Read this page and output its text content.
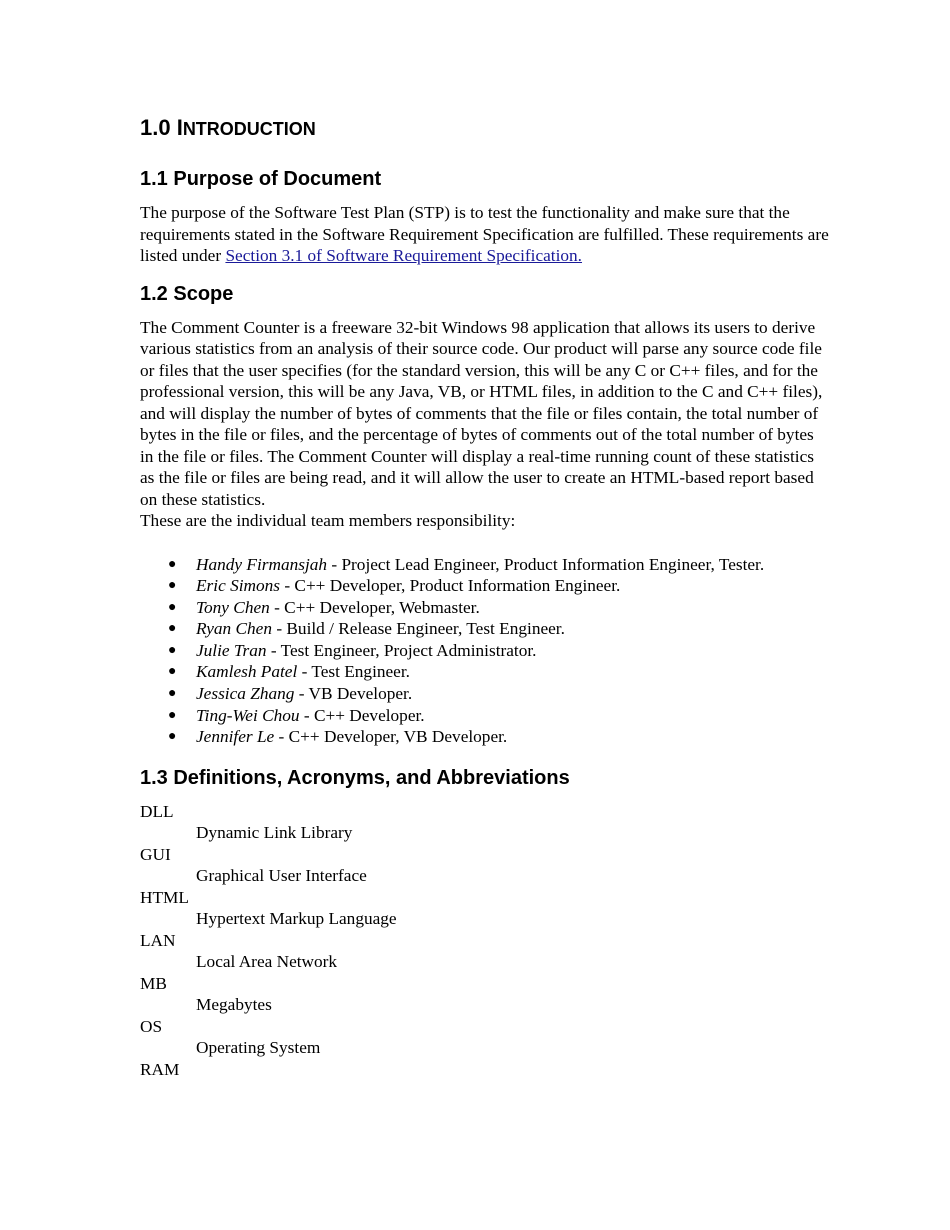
1.0 INTRODUCTION
1.1 Purpose of Document

The purpose of the Software Test Plan (STP) is to test the functionality and make sure that the requirements stated in the Software Requirement Specification are fulfilled. These requirements are listed under Section 3.1 of Software Requirement Specification.

1.2 Scope

The Comment Counter is a freeware 32-bit Windows 98 application that allows its users to derive various statistics from an analysis of their source code. Our product will parse any source code file or files that the user specifies (for the standard version, this will be any C or C++ files, and for the professional version, this will be any Java, VB, or HTML files, in addition to the C and C++ files), and will display the number of bytes of comments that the file or files contain, the total number of bytes in the file or files, and the percentage of bytes of comments out of the total number of bytes in the file or files. The Comment Counter will display a real-time running count of these statistics as the file or files are being read, and it will allow the user to create an HTML-based report based on these statistics.

These are the individual team members responsibility:

● Handy Firmansjah - Project Lead Engineer, Product Information Engineer, Tester.
● Eric Simons - C++ Developer, Product Information Engineer.
● Tony Chen - C++ Developer, Webmaster.
● Ryan Chen - Build / Release Engineer, Test Engineer.
● Julie Tran - Test Engineer, Project Administrator.
● Kamlesh Patel - Test Engineer.
● Jessica Zhang - VB Developer.
● Ting-Wei Chou - C++ Developer.
● Jennifer Le - C++ Developer, VB Developer.
1.3 Definitions, Acronyms, and Abbreviations
DLL
Dynamic Link Library
GUI
Graphical User Interface
HTML
Hypertext Markup Language
LAN
Local Area Network
MB
Megabytes
OS
Operating System
RAM
